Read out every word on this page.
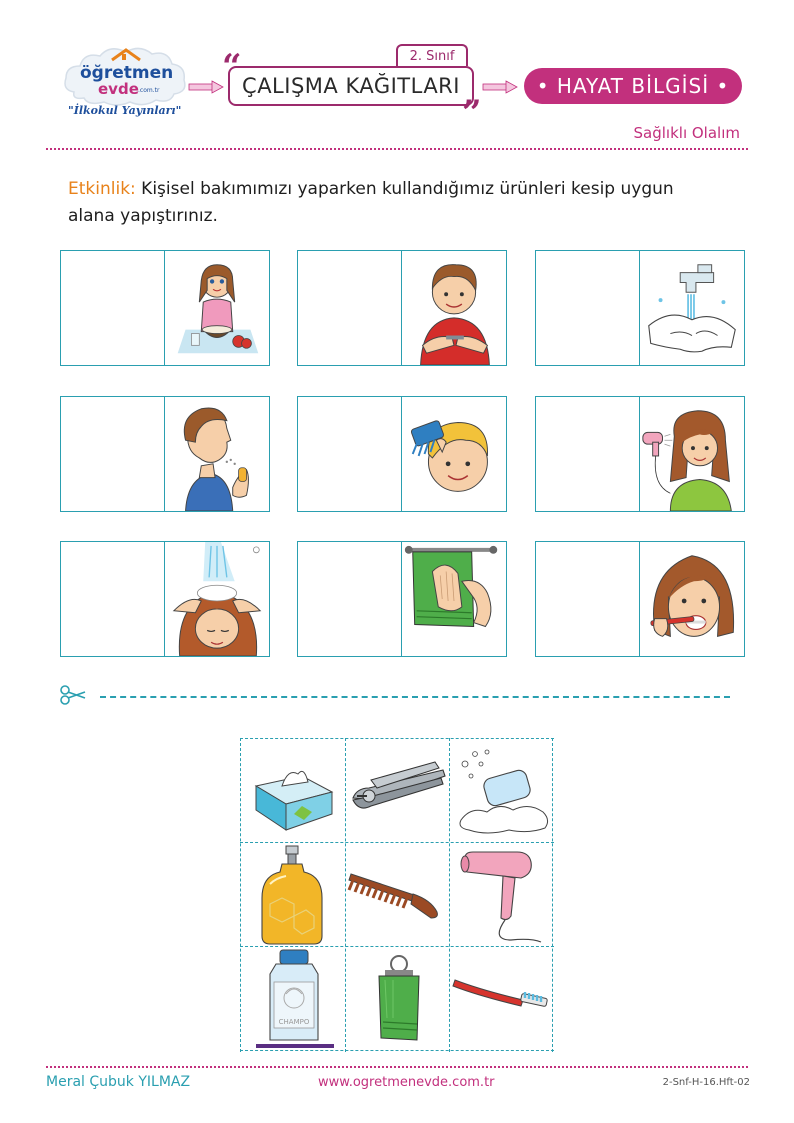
öğretmen
evde .com.tr
"İlkokul Yayınları"
“	2. Sınıf
ÇALIŞMA KAĞITLARI
”
• HAYAT BİLGİSİ •
Sağlıklı Olalım
Etkinlik: Kişisel bakımımızı yaparken kullandığımız ürünleri kesip uygun alana yapıştırınız.
CHAMPO
Meral Çubuk YILMAZ	www.ogretmenevde.com.tr	2-Snf-H-16.Hft-02
